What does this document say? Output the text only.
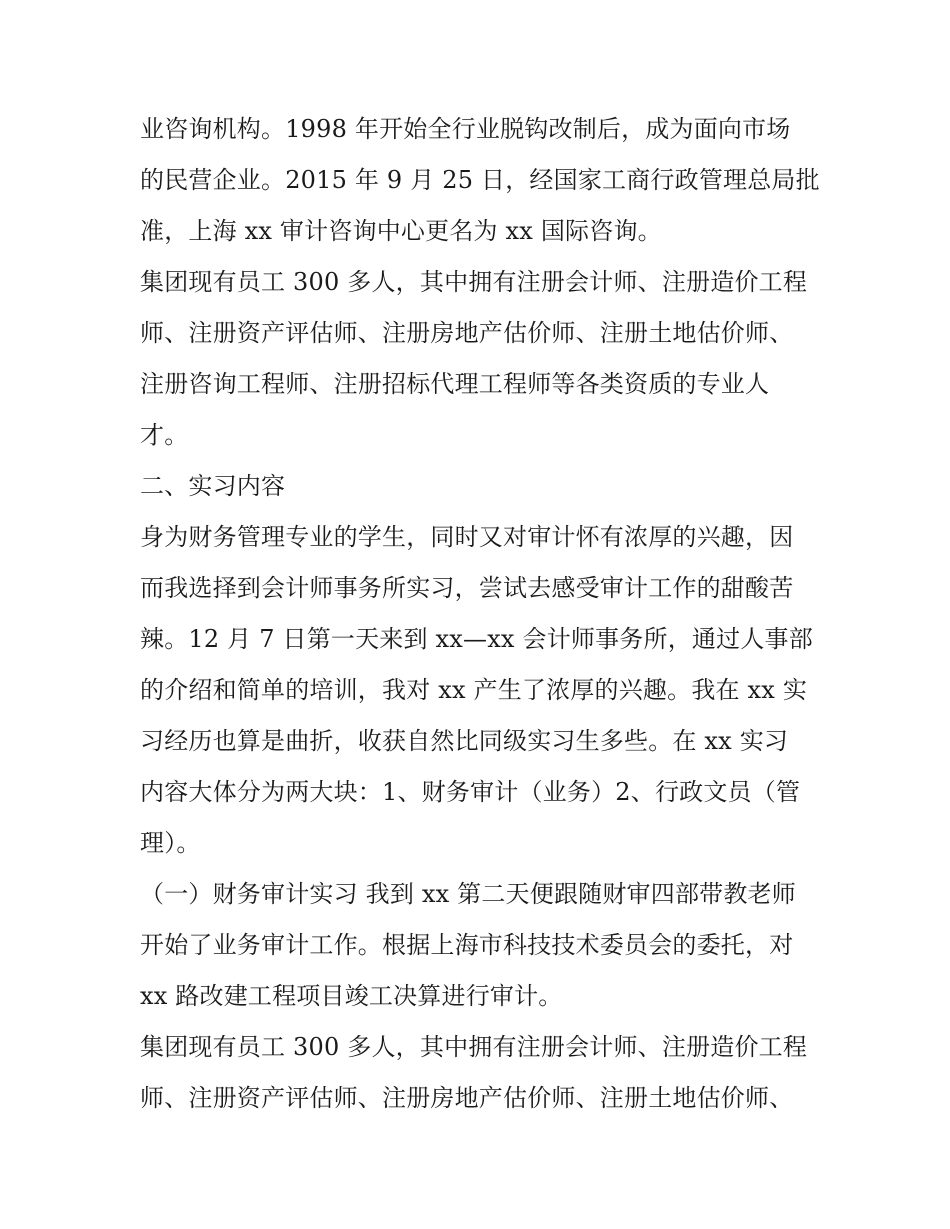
业咨询机构。1998 年开始全行业脱钩改制后，成为面向市场
的民营企业。2015 年 9 月 25 日，经国家工商行政管理总局批
准，上海 xx 审计咨询中心更名为 xx 国际咨询。
集团现有员工 300 多人，其中拥有注册会计师、注册造价工程
师、注册资产评估师、注册房地产估价师、注册土地估价师、
注册咨询工程师、注册招标代理工程师等各类资质的专业人
才。
二、实习内容
身为财务管理专业的学生，同时又对审计怀有浓厚的兴趣，因
而我选择到会计师事务所实习，尝试去感受审计工作的甜酸苦
辣。12 月 7 日第一天来到 xx—xx 会计师事务所，通过人事部
的介绍和简单的培训，我对 xx 产生了浓厚的兴趣。我在 xx 实
习经历也算是曲折，收获自然比同级实习生多些。在 xx 实习
内容大体分为两大块：1、财务审计（业务）2、行政文员（管
理）。
（一）财务审计实习 我到 xx 第二天便跟随财审四部带教老师
开始了业务审计工作。根据上海市科技技术委员会的委托，对
xx 路改建工程项目竣工决算进行审计。
集团现有员工 300 多人，其中拥有注册会计师、注册造价工程
师、注册资产评估师、注册房地产估价师、注册土地估价师、
